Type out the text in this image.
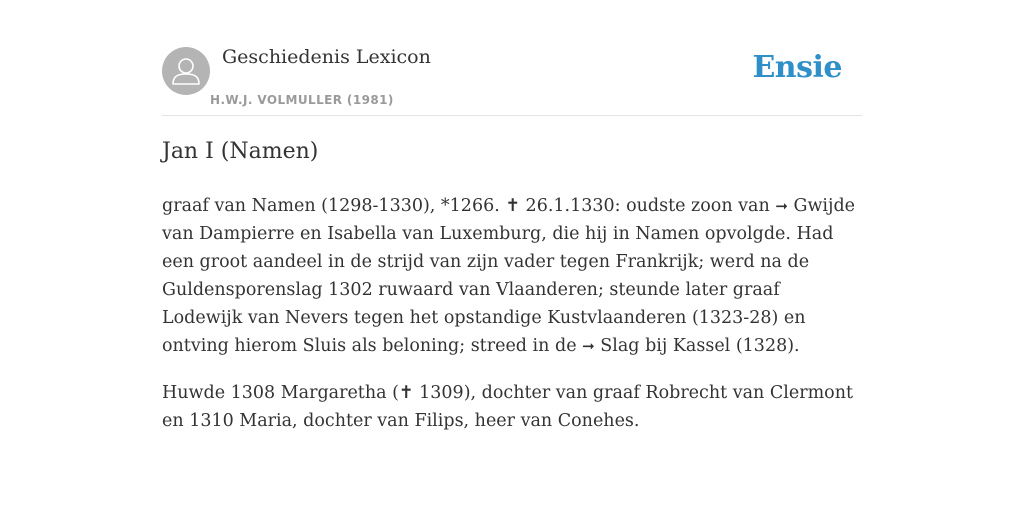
Geschiedenis Lexicon
H.W.J. VOLMULLER (1981)
Ensie
Jan I (Namen)

graaf van Namen (1298-1330), *1266. ✝ 26.1.1330: oudste zoon van ➞ Gwijde van Dampierre en Isabella van Luxemburg, die hij in Namen opvolgde. Had een groot aandeel in de strijd van zijn vader tegen Frankrijk; werd na de Guldensporenslag 1302 ruwaard van Vlaanderen; steunde later graaf Lodewijk van Nevers tegen het opstandige Kustvlaanderen (1323-28) en ontving hierom Sluis als beloning; streed in de ➞ Slag bij Kassel (1328).

Huwde 1308 Margaretha (✝ 1309), dochter van graaf Robrecht van Clermont en 1310 Maria, dochter van Filips, heer van Conehes.
